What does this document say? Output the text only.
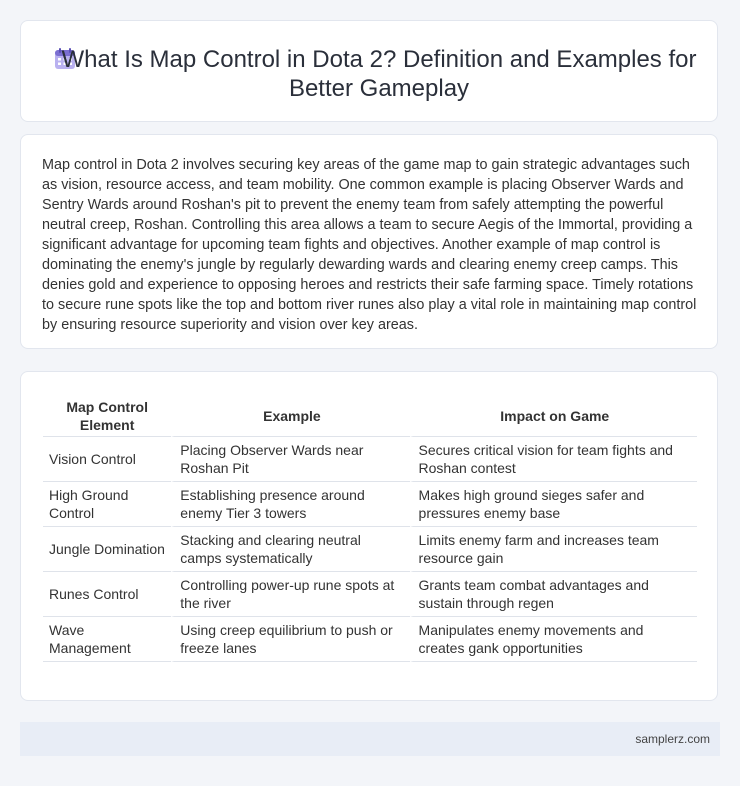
What Is Map Control in Dota 2? Definition and Examples for Better Gameplay

Map control in Dota 2 involves securing key areas of the game map to gain strategic advantages such as vision, resource access, and team mobility. One common example is placing Observer Wards and Sentry Wards around Roshan's pit to prevent the enemy team from safely attempting the powerful neutral creep, Roshan. Controlling this area allows a team to secure Aegis of the Immortal, providing a significant advantage for upcoming team fights and objectives. Another example of map control is dominating the enemy's jungle by regularly dewarding wards and clearing enemy creep camps. This denies gold and experience to opposing heroes and restricts their safe farming space. Timely rotations to secure rune spots like the top and bottom river runes also play a vital role in maintaining map control by ensuring resource superiority and vision over key areas.

Map Control Element	Example	Impact on Game
Vision Control	Placing Observer Wards near Roshan Pit	Secures critical vision for team fights and Roshan contest
High Ground Control	Establishing presence around enemy Tier 3 towers	Makes high ground sieges safer and pressures enemy base
Jungle Domination	Stacking and clearing neutral camps systematically	Limits enemy farm and increases team resource gain
Runes Control	Controlling power-up rune spots at the river	Grants team combat advantages and sustain through regen
Wave Management	Using creep equilibrium to push or freeze lanes	Manipulates enemy movements and creates gank opportunities
samplerz.com
